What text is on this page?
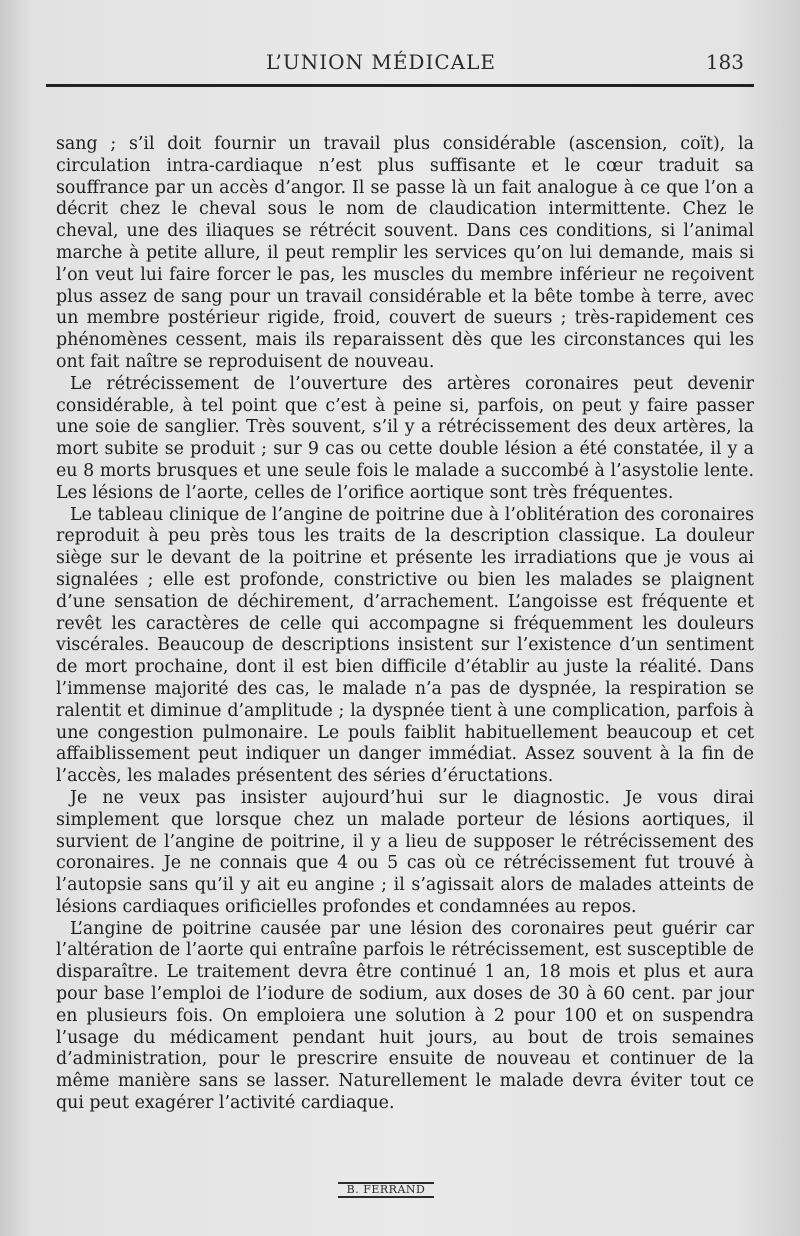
L’UNION MÉDICALE	183

sang ; s’il doit fournir un travail plus considérable (ascension, coït), la circulation intra-cardiaque n’est plus suffisante et le cœur traduit sa souffrance par un accès d’angor. Il se passe là un fait analogue à ce que l’on a décrit chez le cheval sous le nom de claudication intermittente. Chez le cheval, une des iliaques se rétrécit souvent. Dans ces conditions, si l’animal marche à petite allure, il peut remplir les services qu’on lui demande, mais si l’on veut lui faire forcer le pas, les muscles du membre inférieur ne reçoivent plus assez de sang pour un travail considérable et la bête tombe à terre, avec un membre postérieur rigide, froid, couvert de sueurs ; très-rapidement ces phénomènes cessent, mais ils reparaissent dès que les circonstances qui les ont fait naître se reproduisent de nouveau.

Le rétrécissement de l’ouverture des artères coronaires peut devenir considérable, à tel point que c’est à peine si, parfois, on peut y faire passer une soie de sanglier. Très souvent, s’il y a rétrécissement des deux artères, la mort subite se produit ; sur 9 cas ou cette double lésion a été constatée, il y a eu 8 morts brusques et une seule fois le malade a succombé à l’asystolie lente. Les lésions de l’aorte, celles de l’orifice aortique sont très fréquentes.

Le tableau clinique de l’angine de poitrine due à l’oblitération des coronaires reproduit à peu près tous les traits de la description classique. La douleur siège sur le devant de la poitrine et présente les irradiations que je vous ai signalées ; elle est profonde, constrictive ou bien les malades se plaignent d’une sensation de déchirement, d’arrachement. L’angoisse est fréquente et revêt les caractères de celle qui accompagne si fréquemment les douleurs viscérales. Beaucoup de descriptions insistent sur l’existence d’un sentiment de mort prochaine, dont il est bien difficile d’établir au juste la réalité. Dans l’immense majorité des cas, le malade n’a pas de dyspnée, la respiration se ralentit et diminue d’amplitude ; la dyspnée tient à une complication, parfois à une congestion pulmonaire. Le pouls faiblit habituellement beaucoup et cet affaiblissement peut indiquer un danger immédiat. Assez souvent à la fin de l’accès, les malades présentent des séries d’éructations.

Je ne veux pas insister aujourd’hui sur le diagnostic. Je vous dirai simplement que lorsque chez un malade porteur de lésions aortiques, il survient de l’angine de poitrine, il y a lieu de supposer le rétrécissement des coronaires. Je ne connais que 4 ou 5 cas où ce rétrécissement fut trouvé à l’autopsie sans qu’il y ait eu angine ; il s’agissait alors de malades atteints de lésions cardiaques orificielles profondes et condamnées au repos.

L’angine de poitrine causée par une lésion des coronaires peut guérir car l’altération de l’aorte qui entraîne parfois le rétrécissement, est susceptible de disparaître. Le traitement devra être continué 1 an, 18 mois et plus et aura pour base l’emploi de l’iodure de sodium, aux doses de 30 à 60 cent. par jour en plusieurs fois. On emploiera une solution à 2 pour 100 et on suspendra l’usage du médicament pendant huit jours, au bout de trois semaines d’administration, pour le prescrire ensuite de nouveau et continuer de la même manière sans se lasser. Naturellement le malade devra éviter tout ce qui peut exagérer l’activité cardiaque.

B. FERRAND
